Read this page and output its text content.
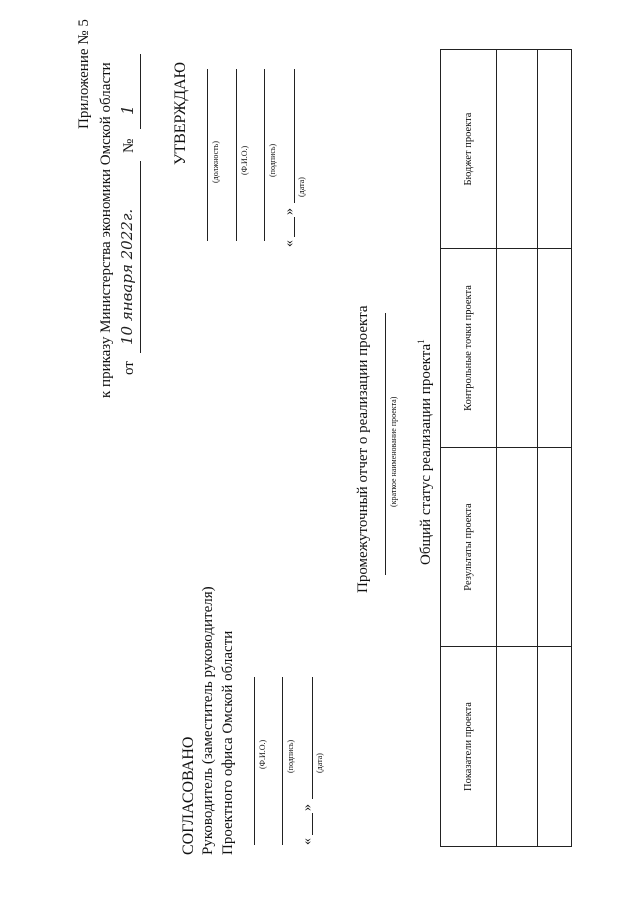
Приложение № 5 к приказу Министерства экономики Омской области от
10 января 2022г.
№
1 УТВЕРЖДАЮ	(должность)	(Ф.И.О.) (подпись)
«
»
(дата)
СОГЛАСОВАНО Руководитель (заместитель руководителя) Проектного офиса Омской области	(Ф.И.О.) (подпись)
«
»
(дата)
Промежуточный отчет о реализации проекта (краткое наименование проекта) Общий статус реализации проекта$^1$
Показатели проекта	Результаты проекта	Контрольные точки проекта	Бюджет проекта
